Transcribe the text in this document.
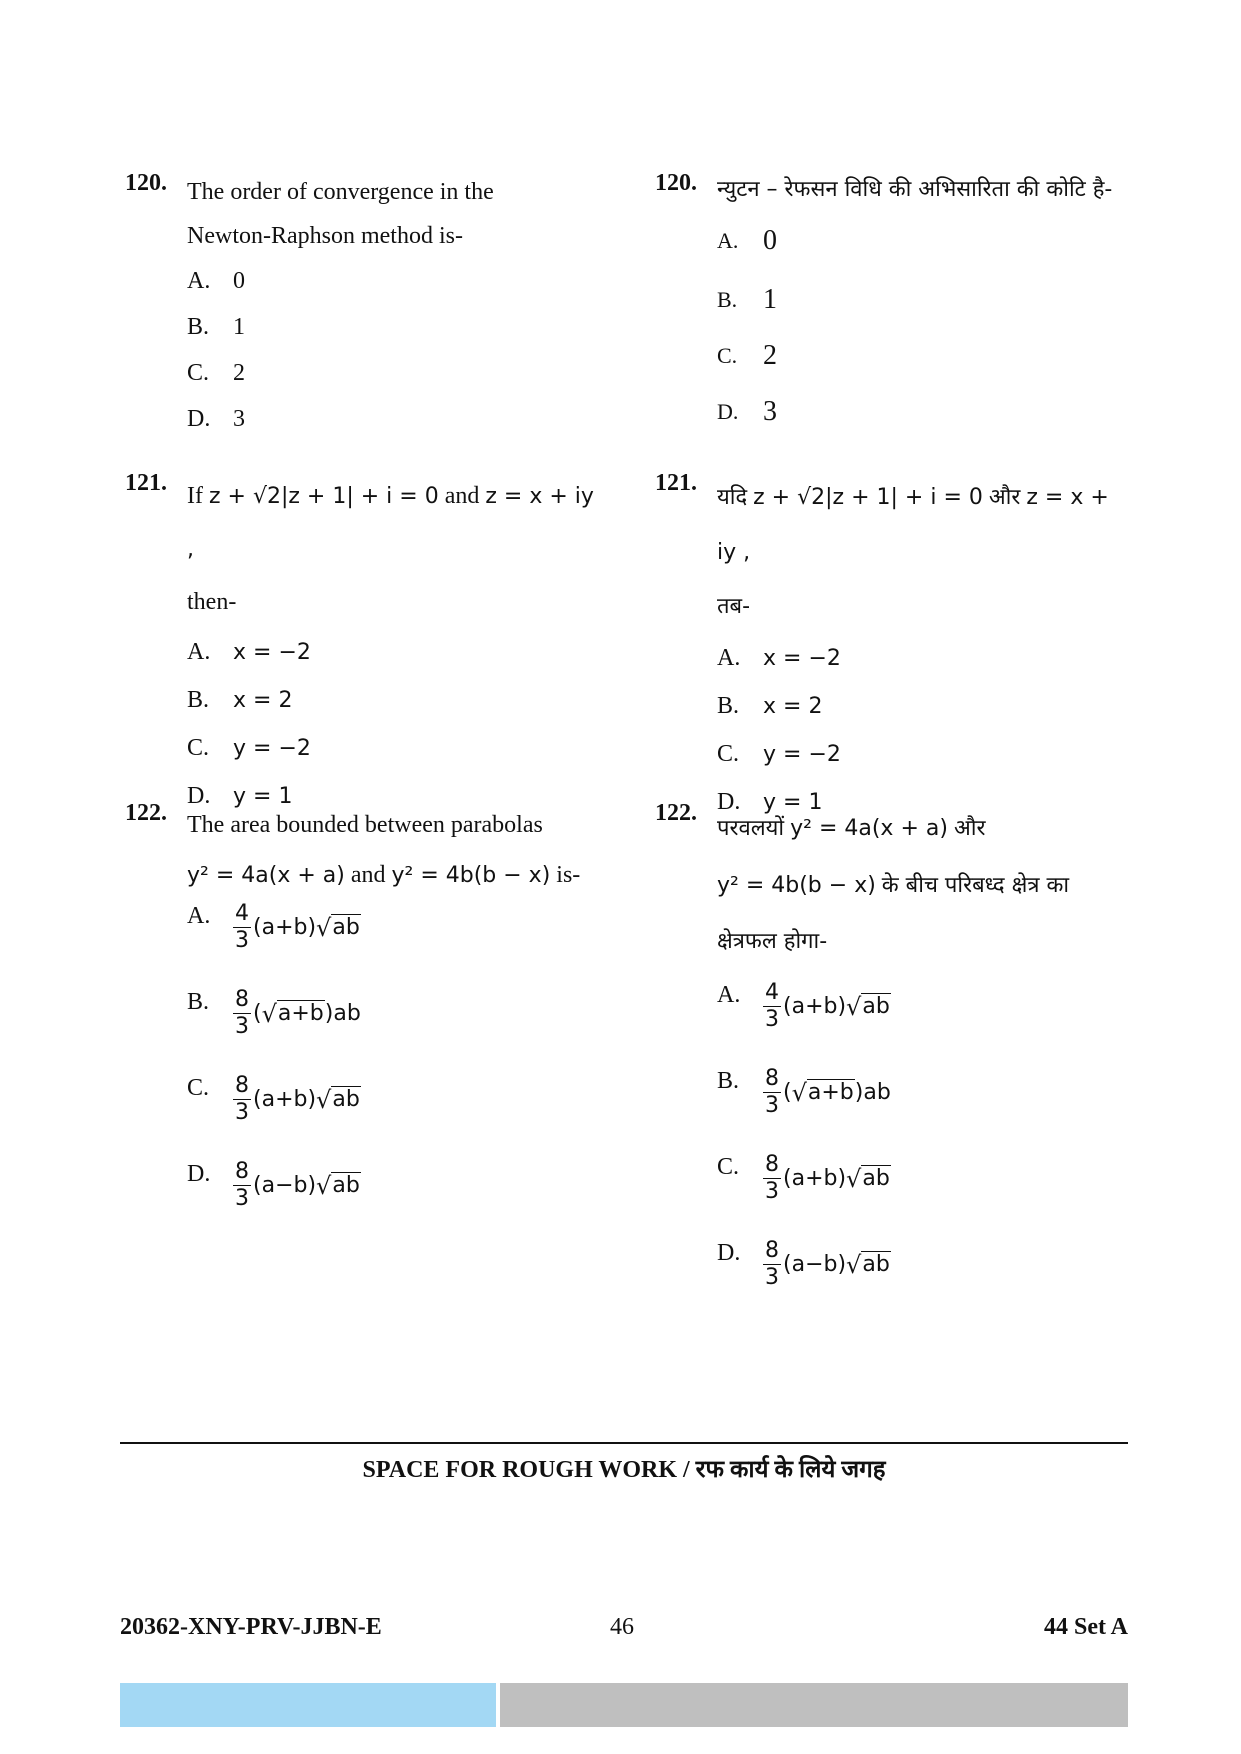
120. The order of convergence in the
Newton-Raphson method is-
A. 0
B. 1
C. 2
D. 3
121. If z + √2|z + 1| + i = 0 and z = x + iy ,
then-
A.	x = −2
B.	x = 2
C.	y = −2
D.	y = 1
122. The area bounded between parabolas
y² = 4a(x + a) and y² = 4b(b − x) is-
A.	$\frac{4}{3} (a+b)$ √ ab
B.	$\frac{8}{3}$ ( √ a+b )ab
C.	$\frac{8}{3} (a+b)$ √ ab
D.	$\frac{8}{3} (a-b)$ √ ab
120. न्युटन – रेफसन विधि की अभिसारिता की कोटि है-
A. 0
B. 1
C. 2
D. 3
121.
यदि z + √2|z + 1| + i = 0 और z = x + iy ,
तब-
A.	x = −2
B.	x = 2
C.	y = −2
D.	y = 1
122.
परवलयों y² = 4a(x + a) और
y² = 4b(b − x) के बीच परिबध्द क्षेत्र का
क्षेत्रफल होगा-
A.	$\frac{4}{3} (a+b)$ √ ab
B.	$\frac{8}{3}$ ( √ a+b )ab
C.	$\frac{8}{3} (a+b)$ √ ab
D.	$\frac{8}{3} (a-b)$ √ ab
SPACE FOR ROUGH WORK / रफ कार्य के लिये जगह
20362-XNY-PRV-JJBN-E	46	44 Set A
